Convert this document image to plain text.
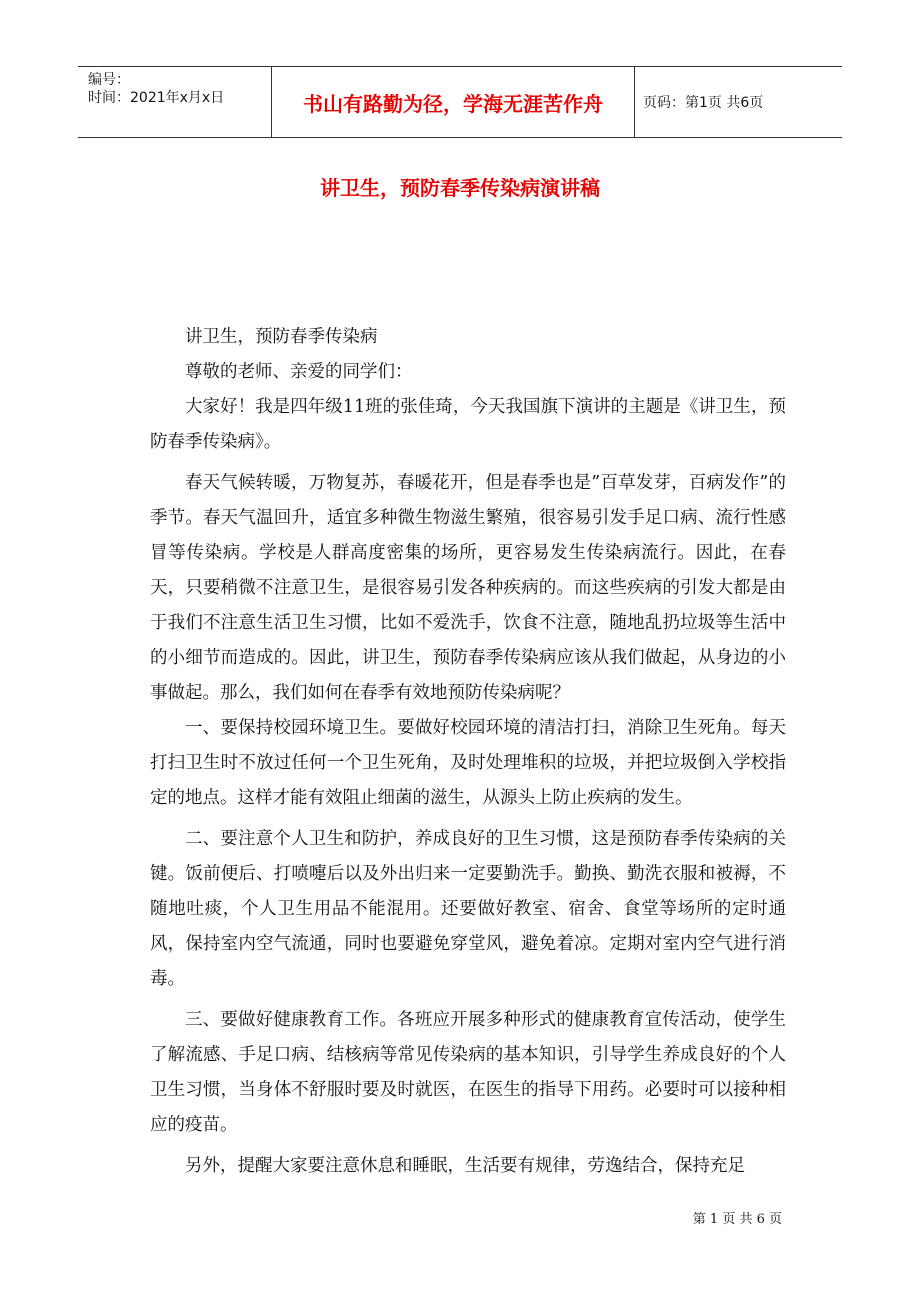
编号：
时间：2021年x月x日	书山有路勤为径，学海无涯苦作舟	页码：第1页 共6页
讲卫生，预防春季传染病演讲稿

讲卫生，预防春季传染病

尊敬的老师、亲爱的同学们：

大家好！我是四年级11班的张佳琦，今天我国旗下演讲的主题是《讲卫生，预防春季传染病》。

春天气候转暖，万物复苏，春暖花开，但是春季也是”百草发芽，百病发作”的季节。春天气温回升，适宜多种微生物滋生繁殖，很容易引发手足口病、流行性感冒等传染病。学校是人群高度密集的场所，更容易发生传染病流行。因此，在春天，只要稍微不注意卫生，是很容易引发各种疾病的。而这些疾病的引发大都是由于我们不注意生活卫生习惯，比如不爱洗手，饮食不注意，随地乱扔垃圾等生活中的小细节而造成的。因此，讲卫生，预防春季传染病应该从我们做起，从身边的小事做起。那么，我们如何在春季有效地预防传染病呢？

一、要保持校园环境卫生。要做好校园环境的清洁打扫，消除卫生死角。每天打扫卫生时不放过任何一个卫生死角，及时处理堆积的垃圾，并把垃圾倒入学校指定的地点。这样才能有效阻止细菌的滋生，从源头上防止疾病的发生。

二、要注意个人卫生和防护，养成良好的卫生习惯，这是预防春季传染病的关键。饭前便后、打喷嚏后以及外出归来一定要勤洗手。勤换、勤洗衣服和被褥，不随地吐痰，个人卫生用品不能混用。还要做好教室、宿舍、食堂等场所的定时通风，保持室内空气流通，同时也要避免穿堂风，避免着凉。定期对室内空气进行消毒。

三、要做好健康教育工作。各班应开展多种形式的健康教育宣传活动，使学生了解流感、手足口病、结核病等常见传染病的基本知识，引导学生养成良好的个人卫生习惯，当身体不舒服时要及时就医，在医生的指导下用药。必要时可以接种相应的疫苗。

另外，提醒大家要注意休息和睡眠，生活要有规律，劳逸结合，保持充足

第 1 页 共 6 页
